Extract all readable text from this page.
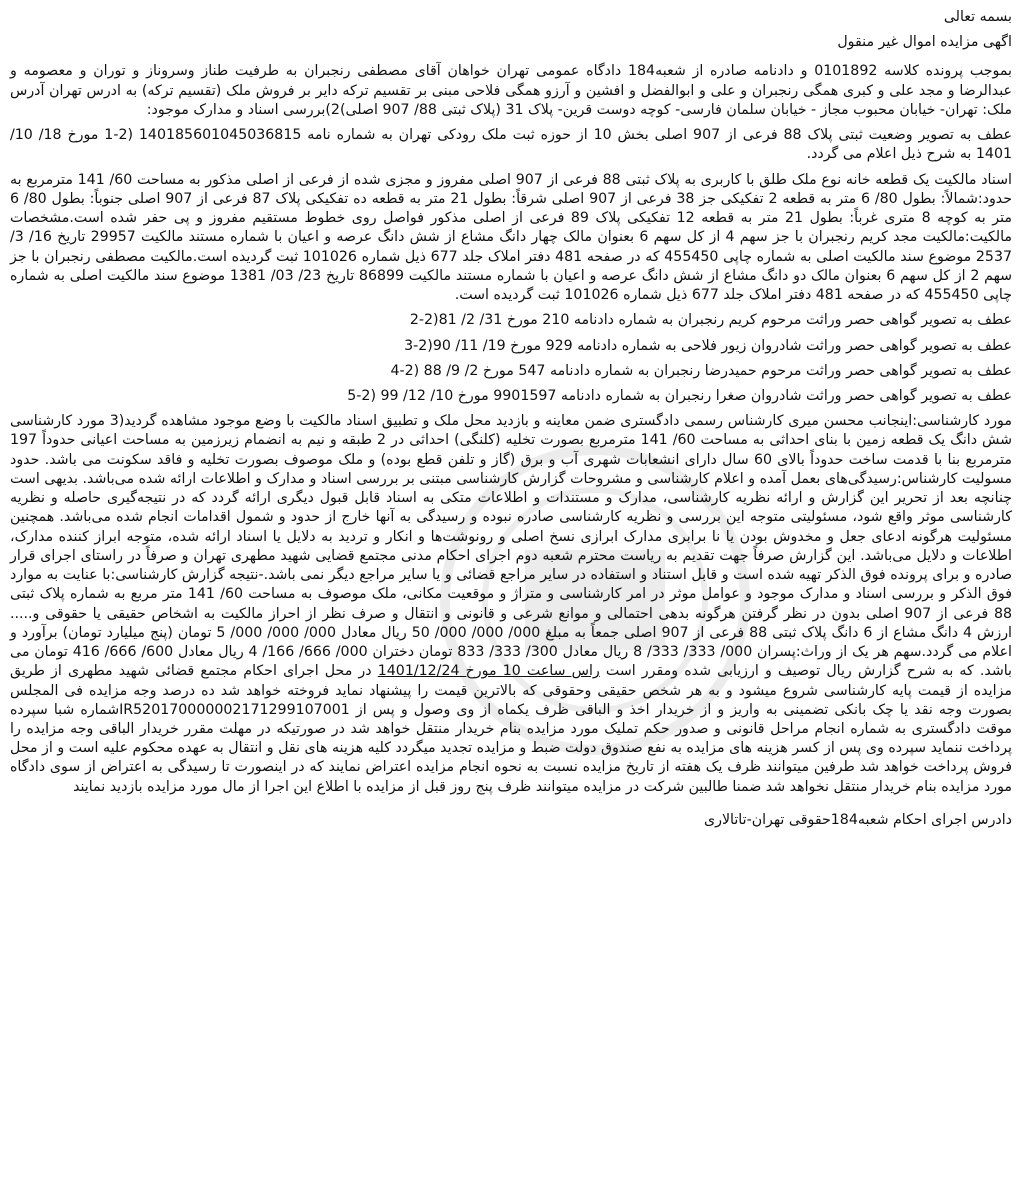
بسمه تعالی
اگهی مزایده اموال غیر منقول
بموجب پرونده کلاسه 0101892 و دادنامه صادره از شعبه184 دادگاه عمومی تهران خواهان آقای مصطفی رنجبران به طرفیت طناز وسروناز و توران و معصومه و عبدالرضا و مجد علی و کبری همگی رنجبران و علی و ابوالفضل و افشین و آرزو همگی فلاحی مبنی بر تقسیم ترکه دایر بر فروش ملک (تقسیم ترکه) به ادرس تهران آدرس ملک: تهران- خیابان محبوب مجاز - خیابان سلمان فارسی- کوچه دوست قرین- پلاک 31 (پلاک ثبتی 88/ 907 اصلی)2)بررسی اسناد و مدارک موجود:
عطف به تصویر وضعیت ثبتی پلاک 88 فرعی از 907 اصلی بخش 10 از حوزه ثبت ملک رودکی تهران به شماره نامه 140185601045036815 (2-1 مورخ 18/ 10/ 1401 به شرح ذیل اعلام می گردد.
اسناد مالکیت یک قطعه خانه نوع ملک طلق با کاربری به پلاک ثبتی 88 فرعی از 907 اصلی مفروز و مجزی شده از فرعی از اصلی مذکور به مساحت 60/ 141 مترمربع به حدود:شمالاً: بطول 80/ 6 متر به قطعه 2 تفکیکی جز 38 فرعی از 907 اصلی شرقاً: بطول 21 متر به قطعه ده تفکیکی پلاک 87 فرعی از 907 اصلی جنوباً: بطول 80/ 6 متر به کوچه 8 متری غرباً: بطول 21 متر به قطعه 12 تفکیکی پلاک 89 فرعی از اصلی مذکور فواصل روی خطوط مستقیم مفروز و پی حفر شده است.مشخصات مالکیت:مالکیت مجد کریم رنجبران با جز سهم 4 از کل سهم 6 بعنوان مالک چهار دانگ مشاع از شش دانگ عرصه و اعیان با شماره مستند مالکیت 29957 تاریخ 16/ 3/ 2537 موضوع سند مالکیت اصلی به شماره چاپی 455450 که در صفحه 481 دفتر املاک جلد 677 ذیل شماره 101026 ثبت گردیده است.مالکیت مصطفی رنجبران با جز سهم 2 از کل سهم 6 بعنوان مالک دو دانگ مشاع از شش دانگ عرصه و اعیان با شماره مستند مالکیت 86899 تاریخ 23/ 03/ 1381 موضوع سند مالکیت اصلی به شماره چاپی 455450 که در صفحه 481 دفتر املاک جلد 677 ذیل شماره 101026 ثبت گردیده است.
عطف به تصویر گواهی حصر وراثت مرحوم کریم رنجبران به شماره دادنامه 210 مورخ 31/ 2/ 81(2-2
عطف به تصویر گواهی حصر وراثت شادروان زیور فلاحی به شماره دادنامه 929 مورخ 19/ 11/ 90(2-3
عطف به تصویر گواهی حصر وراثت مرحوم حمیدرضا رنجبران به شماره دادنامه 547 مورخ 2/ 9/ 88 (2-4
عطف به تصویر گواهی حصر وراثت شادروان صغرا رنجبران به شماره دادنامه 9901597 مورخ 10/ 12/ 99 (2-5
مورد کارشناسی:اینجانب محسن میری کارشناس رسمی دادگستری ضمن معاینه و بازدید محل ملک و تطبیق اسناد مالکیت با وضع موجود مشاهده گردید(3 مورد کارشناسی شش دانگ یک قطعه زمین با بنای احداثی به مساحت 60/ 141 مترمربع بصورت تخلیه (کلنگی) احداثی در 2 طبقه و نیم به انضمام زیرزمین به مساحت اعیانی حدوداً 197 مترمربع بنا با قدمت ساخت حدوداً بالای 60 سال دارای انشعابات شهری آب و برق (گاز و تلفن قطع بوده) و ملک موصوف بصورت تخلیه و فاقد سکونت می باشد. حدود مسولیت کارشناس:رسیدگی‌های بعمل آمده و اعلام کارشناسی و مشروحات گزارش کارشناسی مبتنی بر بررسی اسناد و مدارک و اطلاعات ارائه شده می‌باشد. بدیهی است چنانچه بعد از تحریر این گزارش و ارائه نظریه کارشناسی، مدارک و مستندات و اطلاعات متکی به اسناد قابل قبول دیگری ارائه گردد که در نتیجه‌گیری حاصله و نظریه کارشناسی موثر واقع شود، مسئولیتی متوجه این بررسی و نظریه کارشناسی صادره نبوده و رسیدگی به آنها خارج از حدود و شمول اقدامات انجام شده می‌باشد. همچنین مسئولیت هرگونه ادعای جعل و مخدوش بودن یا نا برابری مدارک ابرازی نسخ اصلی و رونوشت‌ها و انکار و تردید به دلایل یا اسناد ارائه شده، متوجه ابراز کننده مدارک، اطلاعات و دلایل می‌باشد. این گزارش صرفاً جهت تقدیم به ریاست محترم شعبه دوم اجرای احکام مدنی مجتمع قضایی شهید مطهری تهران و صرفاً در راستای اجرای قرار صادره و برای پرونده فوق الذکر تهیه شده است و قابل استناد و استفاده در سایر مراجع قضائی و یا سایر مراجع دیگر نمی باشد.-نتیجه گزارش کارشناسی:با عنایت به موارد فوق الذکر و بررسی اسناد و مدارک موجود و عوامل موثر در امر کارشناسی و متراژ و موقعیت مکانی، ملک موصوف به مساحت 60/ 141 متر مربع به شماره پلاک ثبتی 88 فرعی از 907 اصلی بدون در نظر گرفتن هرگونه بدهی احتمالی و موانع شرعی و قانونی و انتقال و صرف نظر از احراز مالکیت به اشخاص حقیقی یا حقوقی و..... ارزش 4 دانگ مشاع از 6 دانگ پلاک ثبتی 88 فرعی از 907 اصلی جمعاً به مبلغ 000/ 000/ 000/ 50 ریال معادل 000/ 000/ 000/ 5 تومان (پنج میلیارد تومان) برآورد و اعلام می گردد.سهم هر یک از وراث:پسران 000/ 333/ 333/ 8 ریال معادل 300/ 333/ 833 تومان دختران 000/ 666/ 166/ 4 ریال معادل 600/ 666/ 416 تومان می باشد. که به شرح گزارش ریال توصیف و ارزیابی شده ومقرر است راس ساعت 10 مورخ 1401/12/24 در محل اجرای احکام مجتمع قضائی شهید مطهری از طریق مزایده از قیمت پایه کارشناسی شروع میشود و به هر شخص حقیقی وحقوقی که بالاترین قیمت را پیشنهاد نماید فروخته خواهد شد ده درصد وجه مزایده فی المجلس بصورت وجه نقد یا چک بانکی تضمینی به واریز و از خریدار اخذ و الباقی ظرف یکماه از وی وصول و پس از IR520170000002171299107001شماره شبا سپرده موقت دادگستری به شماره انجام مراحل قانونی و صدور حکم تملیک مورد مزایده بنام خریدار منتقل خواهد شد در صورتیکه در مهلت مقرر خریدار الباقی وجه مزایده را پرداخت ننماید سپرده وی پس از کسر هزینه های مزایده به نفع صندوق دولت ضبط و مزایده تجدید میگردد کلیه هزینه های نقل و انتقال به عهده محکوم علیه است و از محل فروش پرداخت خواهد شد طرفین میتوانند ظرف یک هفته از تاریخ مزایده نسبت به نحوه انجام مزایده اعتراض نمایند که در اینصورت تا رسیدگی به اعتراض از سوی دادگاه مورد مزایده بنام خریدار منتقل نخواهد شد ضمنا طالبین شرکت در مزایده میتوانند ظرف پنج روز قبل از مزایده با اطلاع این اجرا از مال مورد مزایده بازدید نمایند
دادرس اجرای احکام شعبه184حقوقی تهران-تاتالاری
